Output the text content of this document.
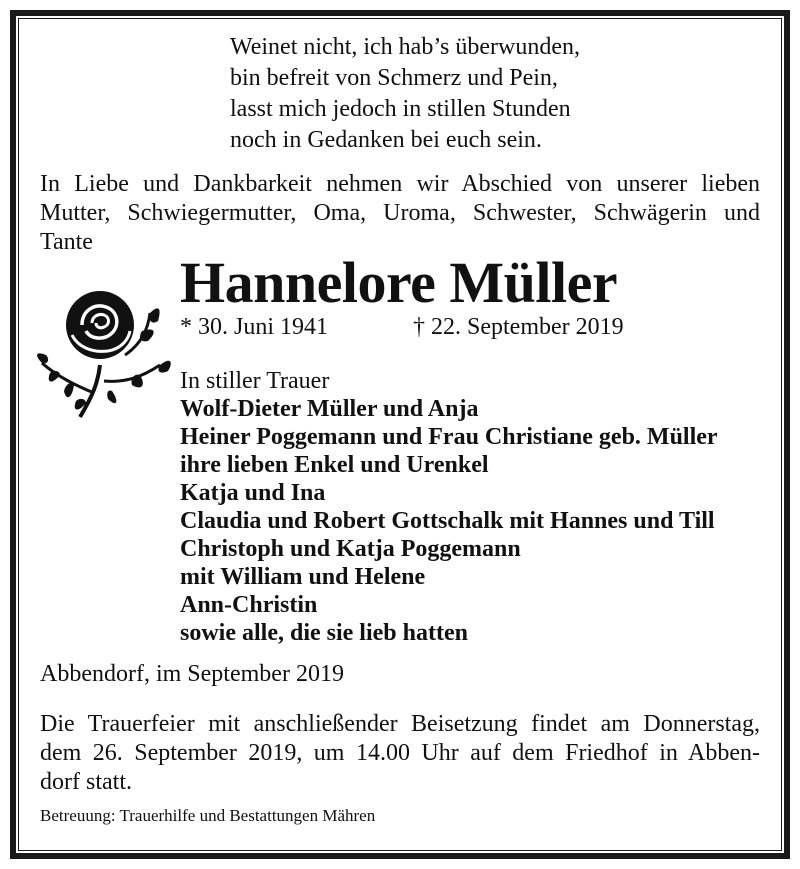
Weinet nicht, ich hab’s überwunden,
bin befreit von Schmerz und Pein,
lasst mich jedoch in stillen Stunden
noch in Gedanken bei euch sein.
In Liebe und Dankbarkeit nehmen wir Abschied von unserer lieben
Mutter, Schwiegermutter, Oma, Uroma, Schwester, Schwägerin und
Tante
Hannelore Müller
* 30. Juni 1941	† 22. September 2019
In stiller Trauer
Wolf-Dieter Müller und Anja
Heiner Poggemann und Frau Christiane geb. Müller
ihre lieben Enkel und Urenkel
Katja und Ina
Claudia und Robert Gottschalk mit Hannes und Till
Christoph und Katja Poggemann
mit William und Helene
Ann-Christin
sowie alle, die sie lieb hatten
Abbendorf, im September 2019
Die Trauerfeier mit anschließender Beisetzung findet am Donnerstag,
dem 26. September 2019, um 14.00 Uhr auf dem Friedhof in Abben-
dorf statt.
Betreuung: Trauerhilfe und Bestattungen Mähren
